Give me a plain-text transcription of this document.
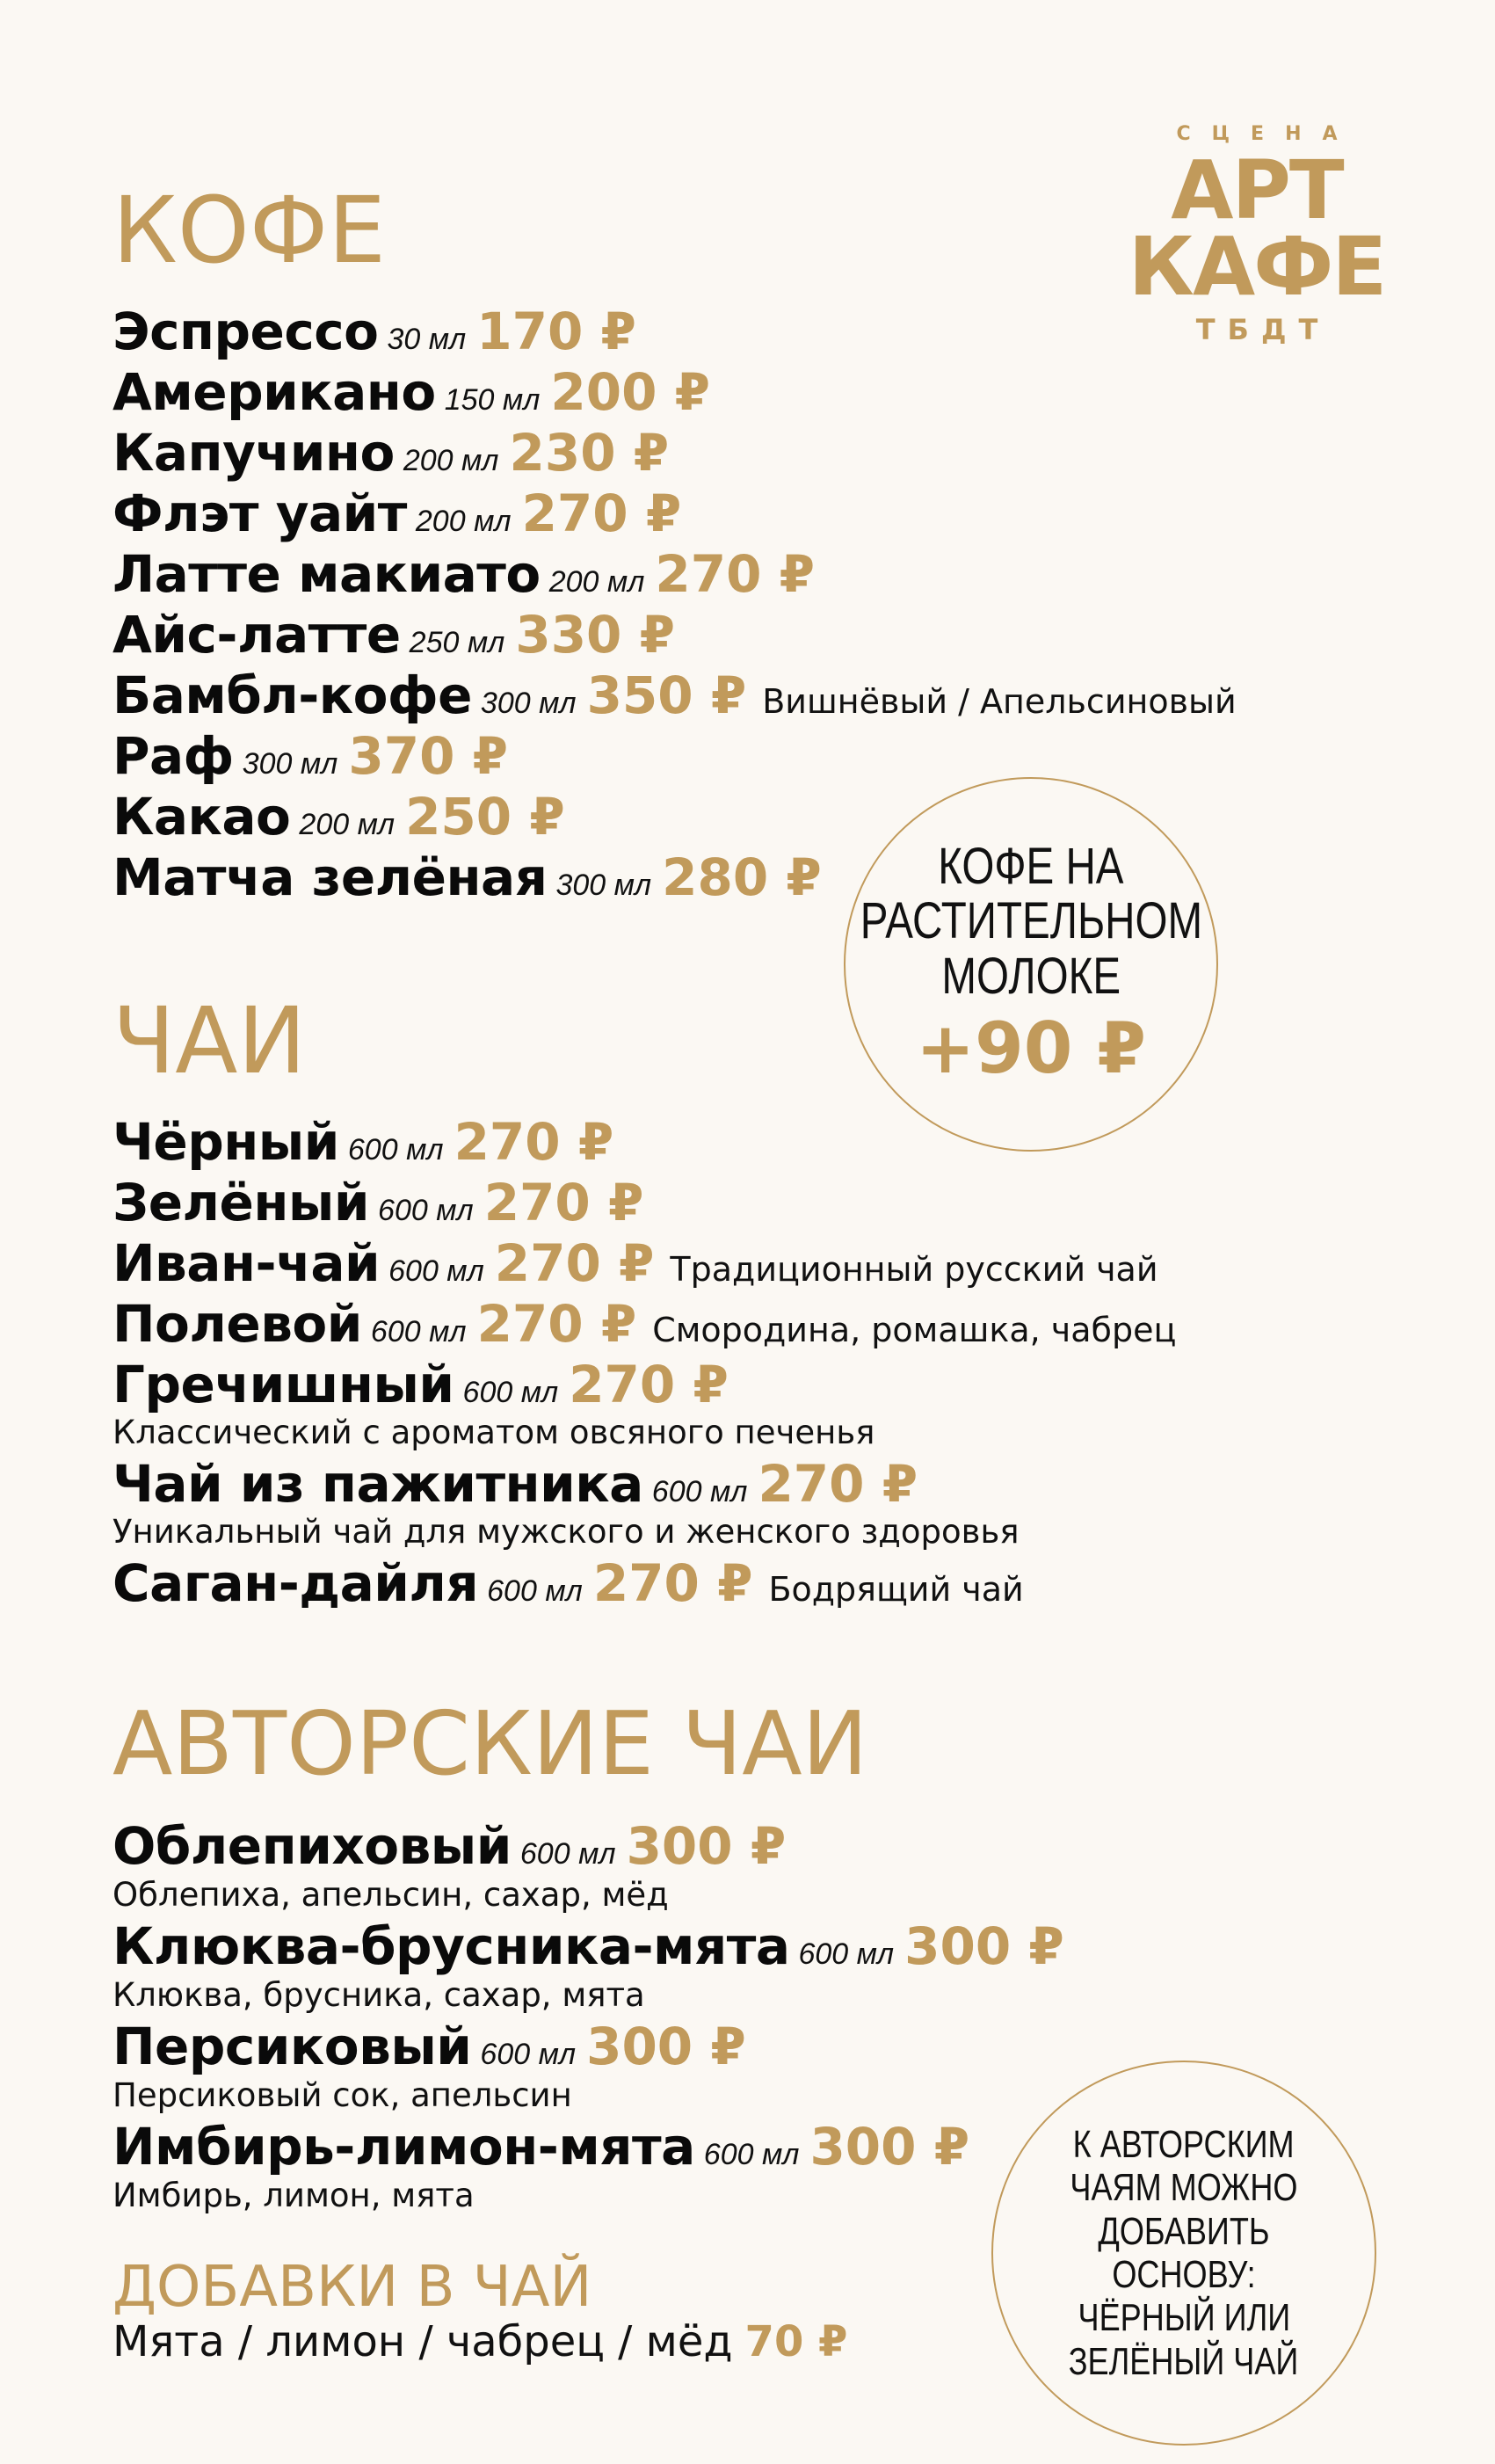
СЦЕНА
АРТ
КАФЕ
ТБДТ
КОФЕ
Эспрессо 30 мл 170 ₽
Американо 150 мл 200 ₽
Капучино 200 мл 230 ₽
Флэт уайт 200 мл 270 ₽
Латте макиато 200 мл 270 ₽
Айс-латте 250 мл 330 ₽
Бамбл-кофе 300 мл 350 ₽ Вишнёвый / Апельсиновый
Раф 300 мл 370 ₽
Какао 200 мл 250 ₽
Матча зелёная 300 мл 280 ₽ КОФЕ НА
РАСТИТЕЛЬНОМ
МОЛОКЕ
+90 ₽
ЧАИ
Чёрный 600 мл 270 ₽
Зелёный 600 мл 270 ₽
Иван-чай 600 мл 270 ₽ Традиционный русский чай
Полевой 600 мл 270 ₽ Смородина, ромашка, чабрец
Гречишный 600 мл 270 ₽
Классический с ароматом овсяного печенья
Чай из пажитника 600 мл 270 ₽
Уникальный чай для мужского и женского здоровья
Саган-дайля 600 мл 270 ₽ Бодрящий чай
АВТОРСКИЕ ЧАИ
Облепиховый 600 мл 300 ₽
Облепиха, апельсин, сахар, мёд
Клюква-брусника-мята 600 мл 300 ₽
Клюква, брусника, сахар, мята
Персиковый 600 мл 300 ₽
Персиковый сок, апельсин
Имбирь-лимон-мята 600 мл 300 ₽
Имбирь, лимон, мята
К АВТОРСКИМ
ЧАЯМ МОЖНО
ДОБАВИТЬ ОСНОВУ:
ЧЁРНЫЙ ИЛИ
ЗЕЛЁНЫЙ ЧАЙ
ДОБАВКИ В ЧАЙ
Мята / лимон / чабрец / мёд 70 ₽
